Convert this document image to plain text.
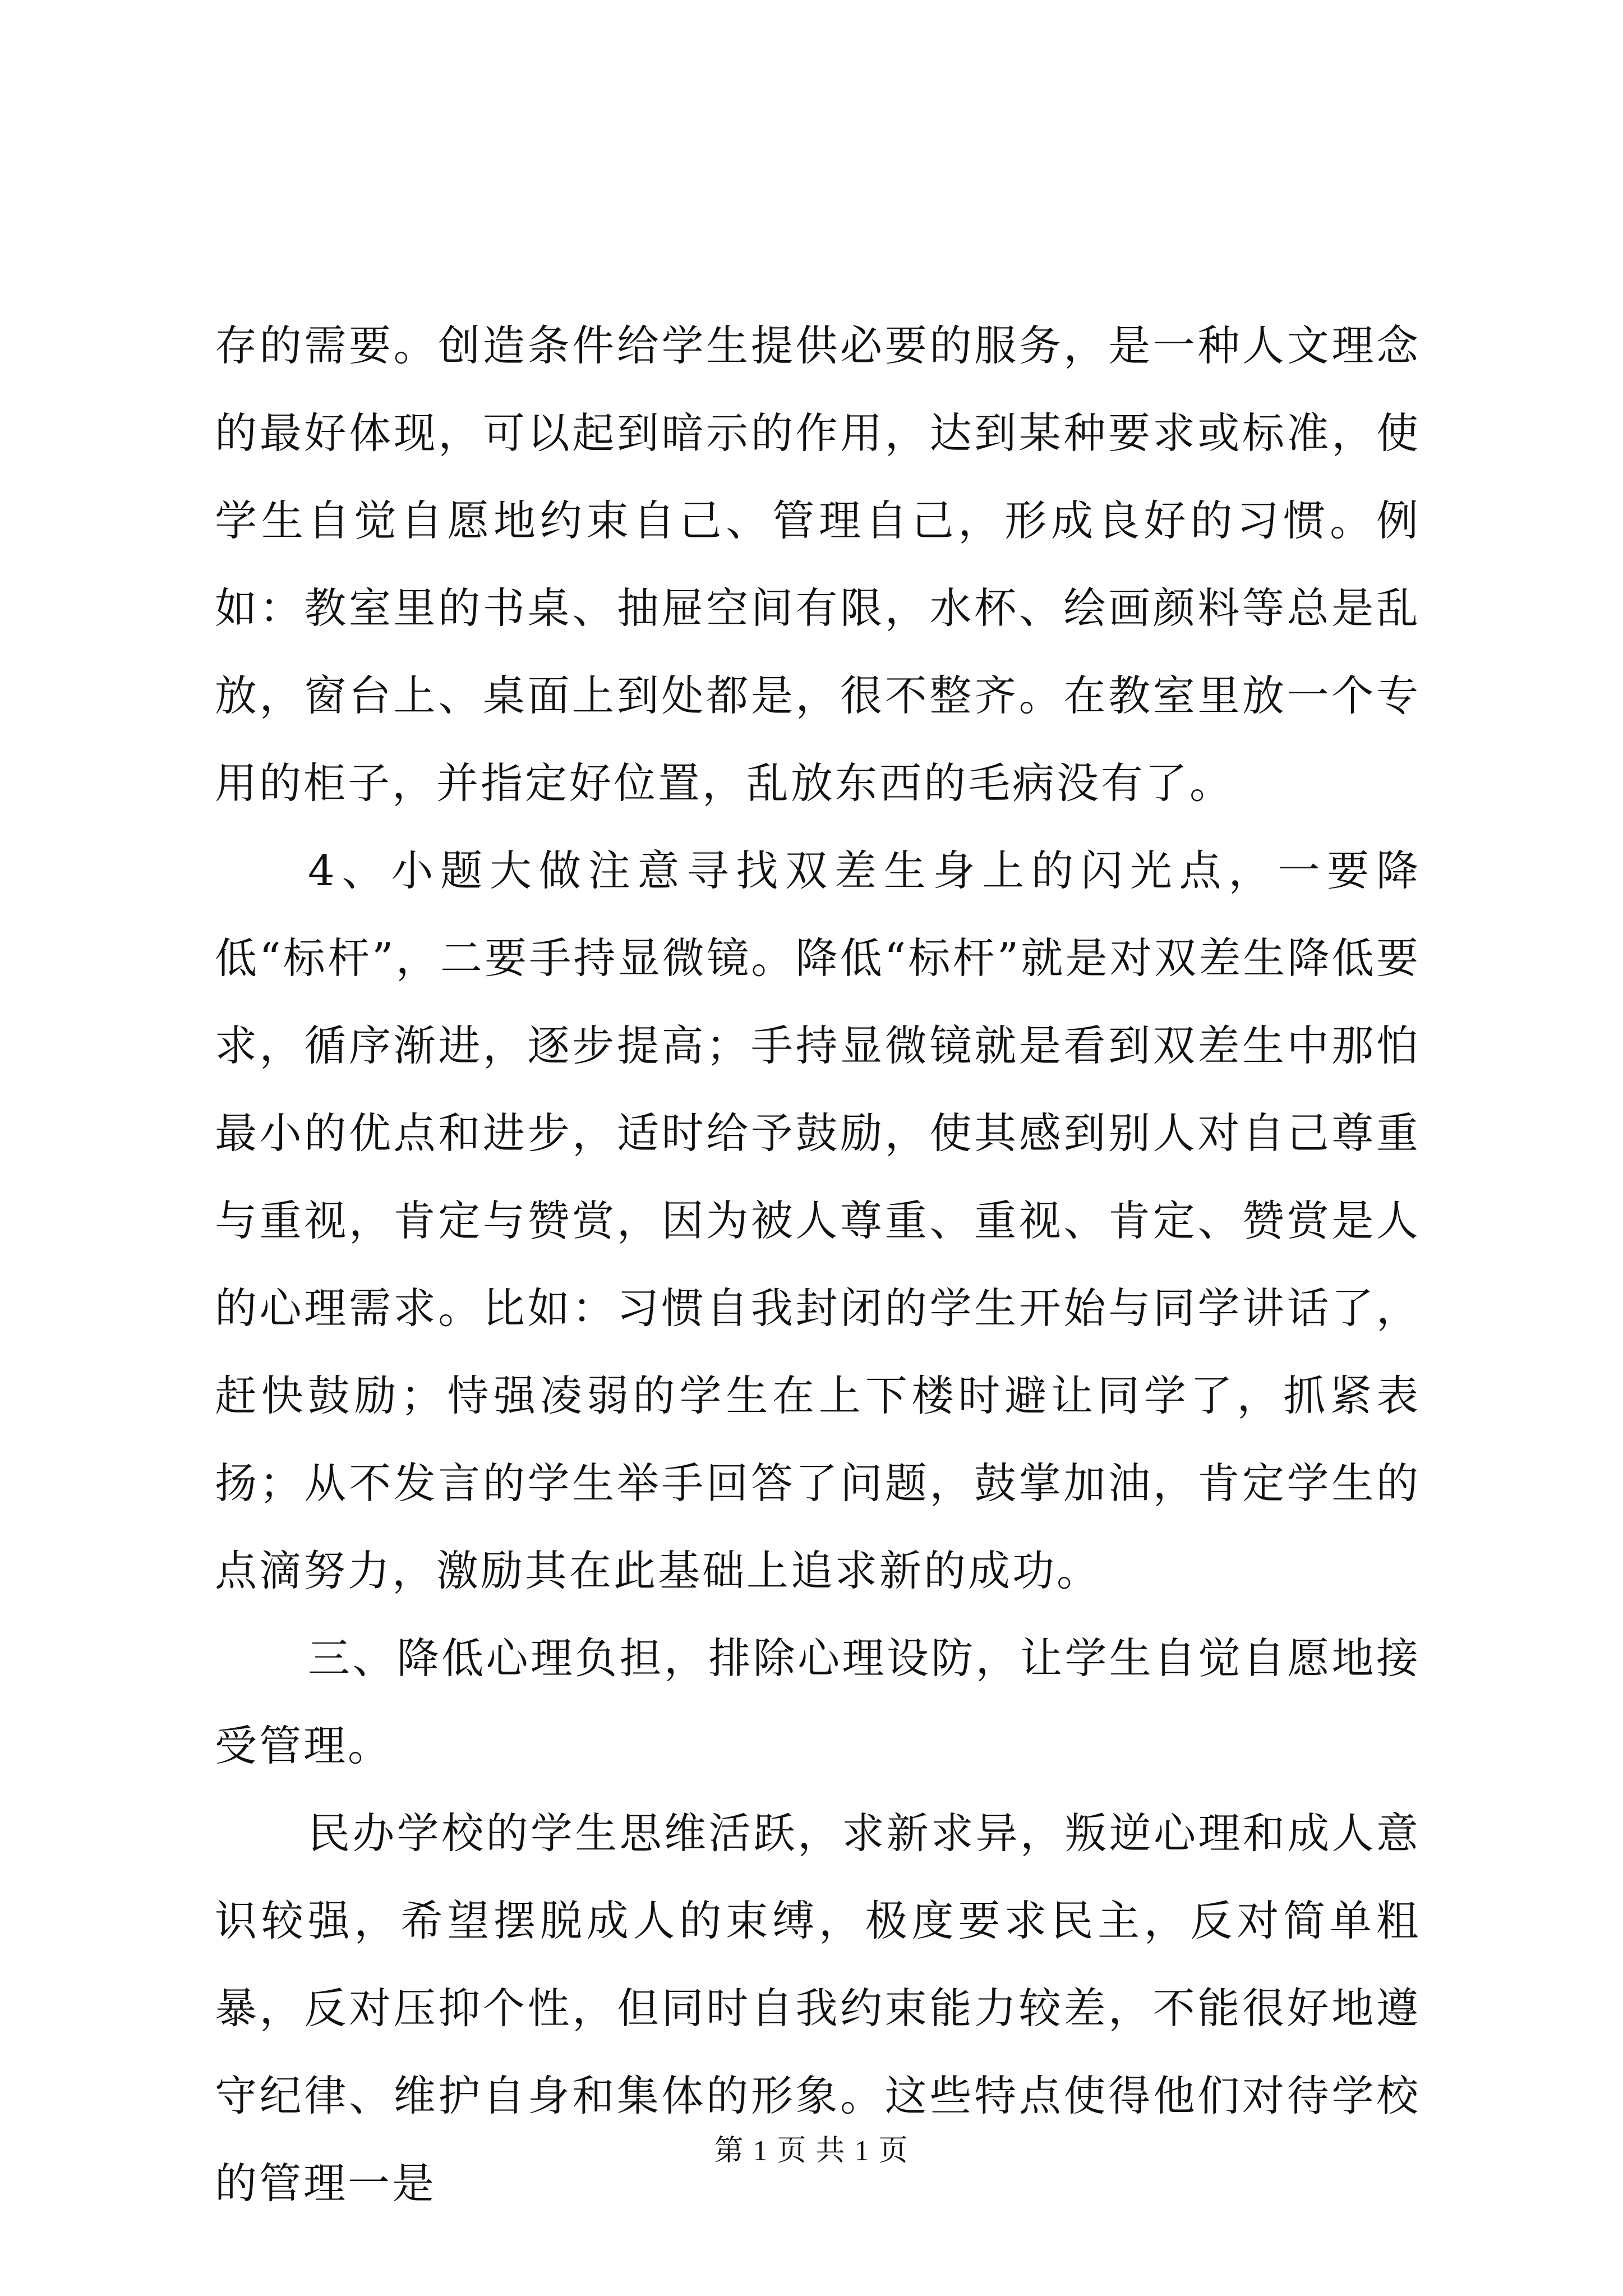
存的需要。创造条件给学生提供必要的服务，是一种人文理念的最好体现，可以起到暗示的作用，达到某种要求或标准，使学生自觉自愿地约束自己、管理自己，形成良好的习惯。例如：教室里的书桌、抽屉空间有限，水杯、绘画颜料等总是乱放，窗台上、桌面上到处都是，很不整齐。在教室里放一个专用的柜子，并指定好位置，乱放东西的毛病没有了。

4、小题大做注意寻找双差生身上的闪光点，一要降低“标杆”，二要手持显微镜。降低“标杆”就是对双差生降低要求，循序渐进，逐步提高；手持显微镜就是看到双差生中那怕最小的优点和进步，适时给予鼓励，使其感到别人对自己尊重与重视，肯定与赞赏，因为被人尊重、重视、肯定、赞赏是人的心理需求。比如：习惯自我封闭的学生开始与同学讲话了，赶快鼓励；恃强凌弱的学生在上下楼时避让同学了，抓紧表扬；从不发言的学生举手回答了问题，鼓掌加油，肯定学生的点滴努力，激励其在此基础上追求新的成功。

三、降低心理负担，排除心理设防，让学生自觉自愿地接受管理。

民办学校的学生思维活跃，求新求异，叛逆心理和成人意识较强，希望摆脱成人的束缚，极度要求民主，反对简单粗暴，反对压抑个性，但同时自我约束能力较差，不能很好地遵守纪律、维护自身和集体的形象。这些特点使得他们对待学校的管理一是

第 1 页 共 1 页
